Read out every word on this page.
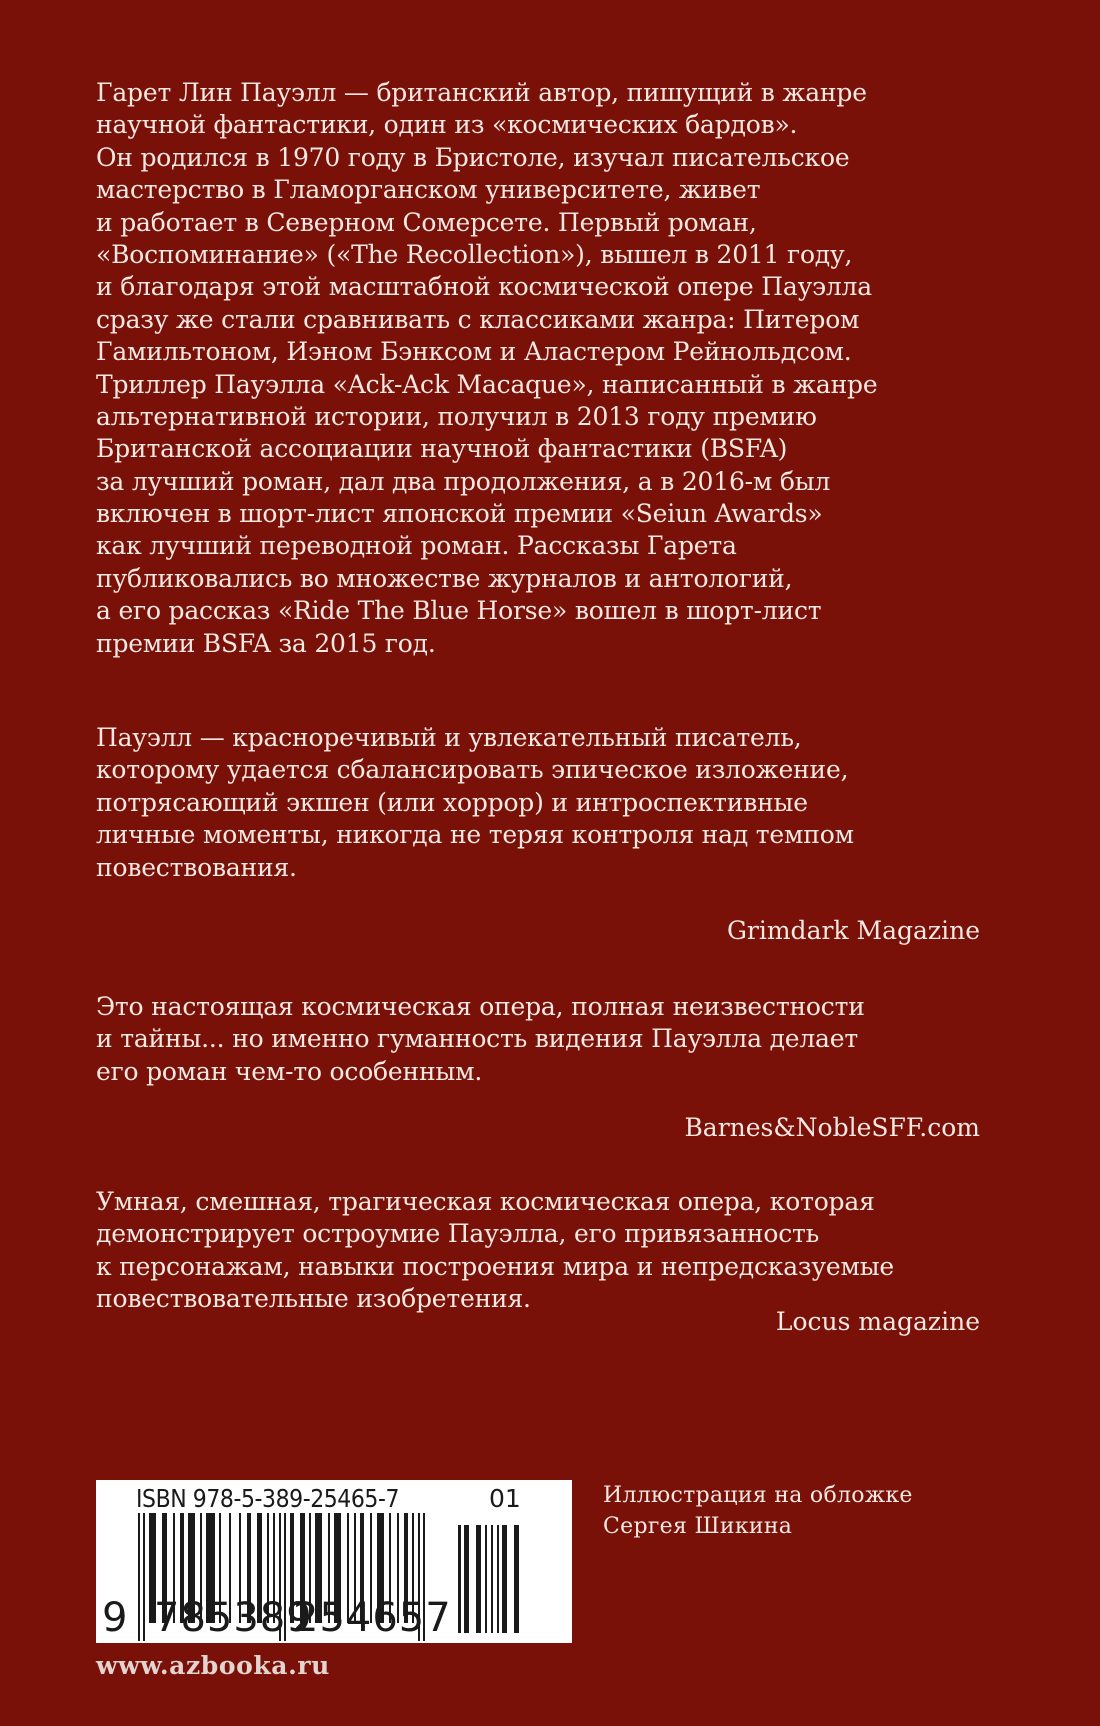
Гарет Лин Пауэлл — британский автор, пишущий в жанре
научной фантастики, один из «космических бардов».
Он родился в 1970 году в Бристоле, изучал писательское
мастерство в Гламорганском университете, живет
и работает в Северном Сомерсете. Первый роман,
«Воспоминание» («The Recollection»), вышел в 2011 году,
и благодаря этой масштабной космической опере Пауэлла
сразу же стали сравнивать с классиками жанра: Питером
Гамильтоном, Иэном Бэнксом и Аластером Рейнольдсом.
Триллер Пауэлла «Ack-Ack Macaque», написанный в жанре
альтернативной истории, получил в 2013 году премию
Британской ассоциации научной фантастики (BSFA)
за лучший роман, дал два продолжения, а в 2016-м был
включен в шорт-лист японской премии «Seiun Awards»
как лучший переводной роман. Рассказы Гарета
публиковались во множестве журналов и антологий,
а его рассказ «Ride The Blue Horse» вошел в шорт-лист
премии BSFA за 2015 год.
Пауэлл — красноречивый и увлекательный писатель,
которому удается сбалансировать эпическое изложение,
потрясающий экшен (или хоррор) и интроспективные
личные моменты, никогда не теряя контроля над темпом
повествования.
Grimdark Magazine
Это настоящая космическая опера, полная неизвестности
и тайны... но именно гуманность видения Пауэлла делает
его роман чем-то особенным.
Barnes&NobleSFF.com
Умная, смешная, трагическая космическая опера, которая
демонстрирует остроумие Пауэлла, его привязанность
к персонажам, навыки построения мира и непредсказуемые
повествовательные изобретения.
Locus magazine
ISBN 978-5-389-25465-7	01
9 785389
254657
Иллюстрация на обложке
Сергея Шикина
www.azbooka.ru
